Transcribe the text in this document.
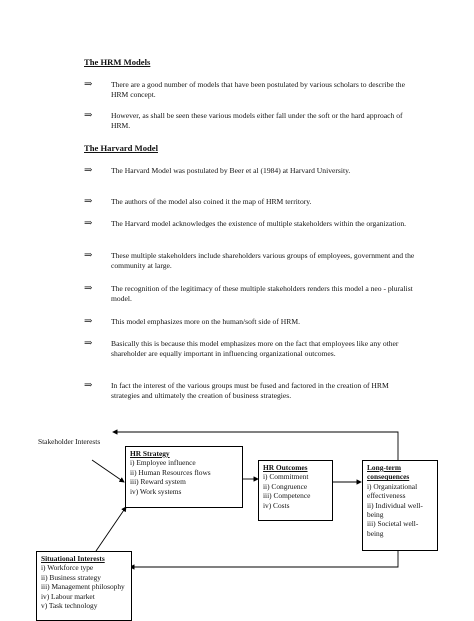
The HRM Models
⇒ There are a good number of models that have been postulated by various scholars to describe the HRM concept.
⇒ However, as shall be seen these various models either fall under the soft or the hard approach of HRM.
The Harvard Model
⇒ The Harvard Model was postulated by Beer et al (1984) at Harvard University.
⇒ The authors of the model also coined it the map of HRM territory.
⇒ The Harvard model acknowledges the existence of multiple stakeholders within the organization.
⇒ These multiple stakeholders include shareholders various groups of employees, government and the community at large.
⇒ The recognition of the legitimacy of these multiple stakeholders renders this model a neo - pluralist model.
⇒ This model emphasizes more on the human/soft side of HRM.
⇒ Basically this is because this model emphasizes more on the fact that employees like any other shareholder are equally important in influencing organizational outcomes.
⇒ In fact the interest of the various groups must be fused and factored in the creation of HRM strategies and ultimately the creation of business strategies.
Stakeholder Interests
HR Strategy
i) Employee influence
ii) Human Resources flows
iii) Reward system
iv) Work systems
HR Outcomes
i) Commitment
ii) Congruence
iii) Competence
iv) Costs
Long-term
consequences
i) Organizational
effectiveness
ii) Individual well-
being
iii) Societal well-
being
Situational Interests
i) Workforce type
ii) Business strategy
iii) Management philosophy
iv) Labour market
v) Task technology
